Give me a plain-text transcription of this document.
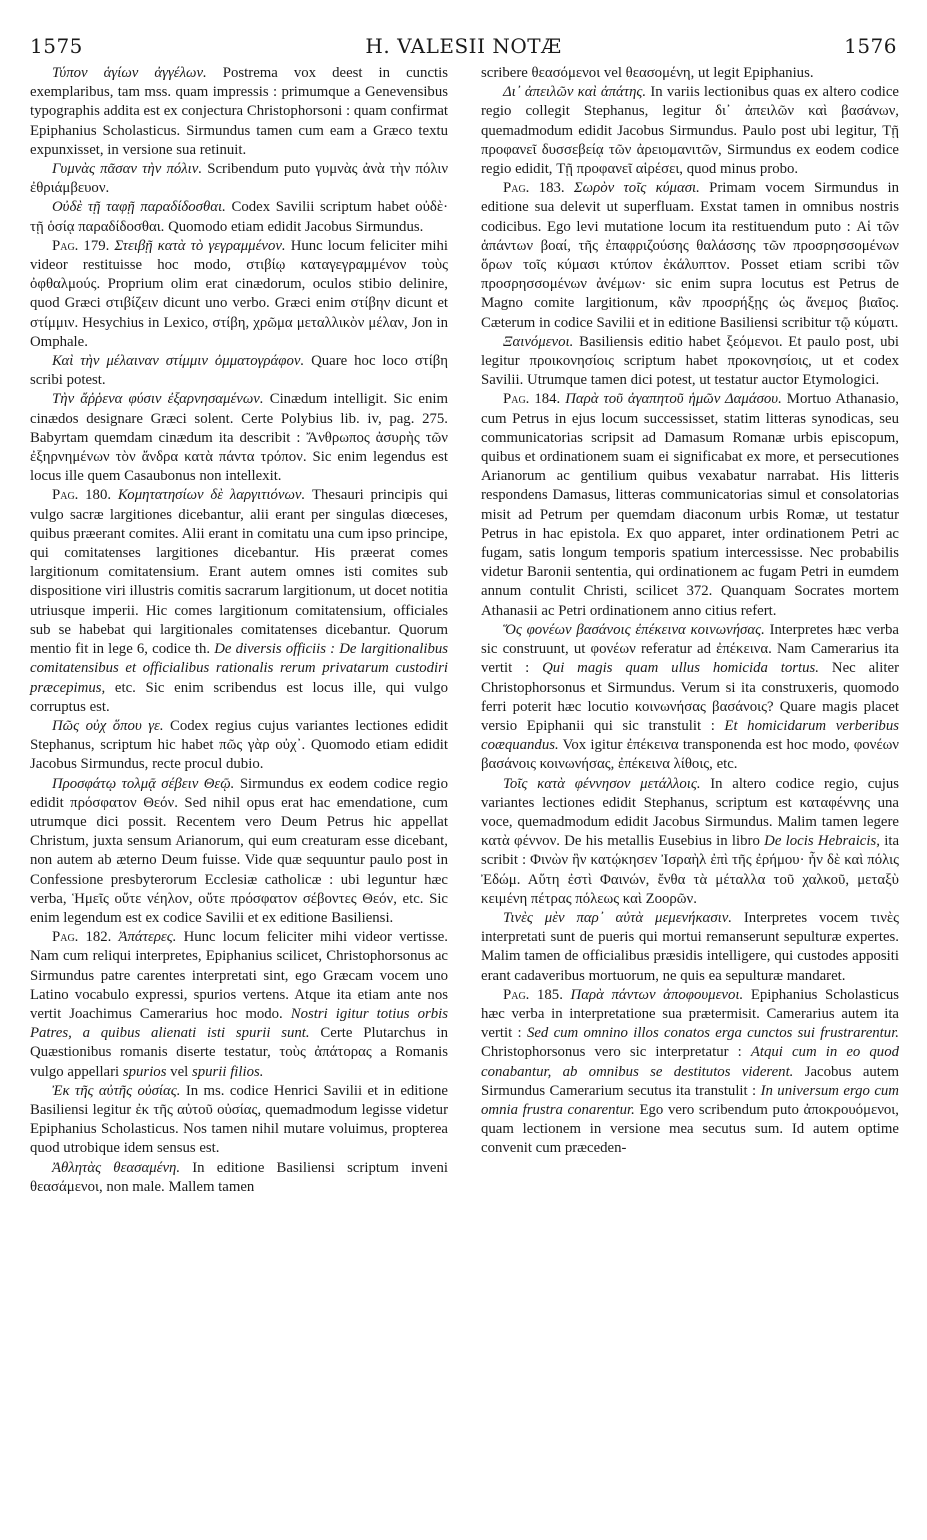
1575	H. VALESII NOTÆ	1576

Τύπον ἁγίων ἀγγέλων. Postrema vox deest in cunctis exemplaribus, tam mss. quam impressis : primumque a Genevensibus typographis addita est ex conjectura Christophorsoni : quam confirmat Epiphanius Scholasticus. Sirmundus tamen cum eam a Græco textu expunxisset, in versione sua retinuit.

Γυμνὰς πᾶσαν τὴν πόλιν. Scribendum puto γυμνὰς ἀνὰ τὴν πόλιν ἐθριάμβευον.

Οὐδὲ τῇ ταφῇ παραδίδοσθαι. Codex Savilii scriptum habet οὐδὲ· τῇ ὁσίᾳ παραδίδοσθαι. Quomodo etiam edidit Jacobus Sirmundus.

Pag. 179. Στειβῇ κατὰ τὸ γεγραμμένον. Hunc locum feliciter mihi videor restituisse hoc modo, στιβίῳ καταγεγραμμένον τοὺς ὀφθαλμούς. Proprium olim erat cinædorum, oculos stibio delinire, quod Græci στιβίζειν dicunt uno verbo. Græci enim στίβην dicunt et στίμμιν. Hesychius in Lexico, στίβη, χρῶμα μεταλλικὸν μέλαν, Jon in Omphale.

Καὶ τὴν μέλαιναν στίμμιν ὀμματογράφον. Quare hoc loco στίβη scribi potest.

Τὴν ἄῤῥενα φύσιν ἐξαρνησαμένων. Cinædum intelligit. Sic enim cinædos designare Græci solent. Certe Polybius lib. iv, pag. 275. Babyrtam quemdam cinædum ita describit : Ἄνθρωπος ἀσυρὴς τῶν ἐξηρνημένων τὸν ἄνδρα κατὰ πάντα τρόπον. Sic enim legendus est locus ille quem Casaubonus non intellexit.

Pag. 180. Κομητατησίων δὲ λαργιτιόνων. Thesauri principis qui vulgo sacræ largitiones dicebantur, alii erant per singulas diœceses, quibus præerant comites. Alii erant in comitatu una cum ipso principe, qui comitatenses largitiones dicebantur. His præerat comes largitionum comitatensium. Erant autem omnes isti comites sub dispositione viri illustris comitis sacrarum largitionum, ut docet notitia utriusque imperii. Hic comes largitionum comitatensium, officiales sub se habebat qui largitionales comitatenses dicebantur. Quorum mentio fit in lege 6, codice th. De diversis officiis : De largitionalibus comitatensibus et officialibus rationalis rerum privatarum custodiri præcepimus, etc. Sic enim scribendus est locus ille, qui vulgo corruptus est.

Πῶς οὐχ ὅπου γε. Codex regius cujus variantes lectiones edidit Stephanus, scriptum hic habet πῶς γὰρ οὐχ᾽. Quomodo etiam edidit Jacobus Sirmundus, recte procul dubio.

Προσφάτῳ τολμᾷ σέβειν Θεῷ. Sirmundus ex eodem codice regio edidit πρόσφατον Θεόν. Sed nihil opus erat hac emendatione, cum utrumque dici possit. Recentem vero Deum Petrus hic appellat Christum, juxta sensum Arianorum, qui eum creaturam esse dicebant, non autem ab æterno Deum fuisse. Vide quæ sequuntur paulo post in Confessione presbyterorum Ecclesiæ catholicæ : ubi leguntur hæc verba, Ἡμεῖς οὔτε νέηλον, οὔτε πρόσφατον σέβοντες Θεόν, etc. Sic enim legendum est ex codice Savilii et ex editione Basiliensi.

Pag. 182. Ἀπάτερες. Hunc locum feliciter mihi videor vertisse. Nam cum reliqui interpretes, Epiphanius scilicet, Christophorsonus ac Sirmundus patre carentes interpretati sint, ego Græcam vocem uno Latino vocabulo expressi, spurios vertens. Atque ita etiam ante nos vertit Joachimus Camerarius hoc modo. Nostri igitur totius orbis Patres, a quibus alienati isti spurii sunt. Certe Plutarchus in Quæstionibus romanis diserte testatur, τοὺς ἀπάτορας a Romanis vulgo appellari spurios vel spurii filios.

Ἐκ τῆς αὐτῆς οὐσίας. In ms. codice Henrici Savilii et in editione Basiliensi legitur ἐκ τῆς αὐτοῦ οὐσίας, quemadmodum legisse videtur Epiphanius Scholasticus. Nos tamen nihil mutare voluimus, propterea quod utrobique idem sensus est.

Ἀθλητὰς θεασαμένη. In editione Basiliensi scriptum inveni θεασάμενοι, non male. Mallem tamen

scribere θεασόμενοι vel θεασομένη, ut legit Epiphanius.

Δι᾽ ἀπειλῶν καὶ ἀπάτης. In variis lectionibus quas ex altero codice regio collegit Stephanus, legitur δι᾽ ἀπειλῶν καὶ βασάνων, quemadmodum edidit Jacobus Sirmundus. Paulo post ubi legitur, Τῇ προφανεῖ δυσσεβείᾳ τῶν ἀρειομανιτῶν, Sirmundus ex eodem codice regio edidit, Τῇ προφανεῖ αἱρέσει, quod minus probo.

Pag. 183. Σωρὸν τοῖς κύμασι. Primam vocem Sirmundus in editione sua delevit ut superfluam. Exstat tamen in omnibus nostris codicibus. Ego levi mutatione locum ita restituendum puto : Αἱ τῶν ἁπάντων βοαί, τῆς ἐπαφριζούσης θαλάσσης τῶν προσρησσομένων ὅρων τοῖς κύμασι κτύπον ἐκάλυπτον. Posset etiam scribi τῶν προσρησσομένων ἀνέμων· sic enim supra locutus est Petrus de Magno comite largitionum, κἂν προσρήξῃς ὡς ἄνεμος βιαῖος. Cæterum in codice Savilii et in editione Basiliensi scribitur τῷ κύματι.

Ξαινόμενοι. Basiliensis editio habet ξεόμενοι. Et paulo post, ubi legitur προικονησίοις scriptum habet προκονησίοις, ut et codex Savilii. Utrumque tamen dici potest, ut testatur auctor Etymologici.

Pag. 184. Παρὰ τοῦ ἀγαπητοῦ ἡμῶν Δαμάσου. Mortuo Athanasio, cum Petrus in ejus locum successisset, statim litteras synodicas, seu communicatorias scripsit ad Damasum Romanæ urbis episcopum, quibus et ordinationem suam ei significabat ex more, et persecutiones Arianorum ac gentilium quibus vexabatur narrabat. His litteris respondens Damasus, litteras communicatorias simul et consolatorias misit ad Petrum per quemdam diaconum urbis Romæ, ut testatur Petrus in hac epistola. Ex quo apparet, inter ordinationem Petri ac fugam, satis longum temporis spatium intercessisse. Nec probabilis videtur Baronii sententia, qui ordinationem ac fugam Petri in eumdem annum contulit Christi, scilicet 372. Quanquam Socrates mortem Athanasii ac Petri ordinationem anno citius refert.

Ὅς φονέων βασάνοις ἐπέκεινα κοινωνήσας. Interpretes hæc verba sic construunt, ut φονέων referatur ad ἐπέκεινα. Nam Camerarius ita vertit : Qui magis quam ullus homicida tortus. Nec aliter Christophorsonus et Sirmundus. Verum si ita construxeris, quomodo ferri poterit hæc locutio κοινωνήσας βασάνοις? Quare magis placet versio Epiphanii qui sic transtulit : Et homicidarum verberibus coæquandus. Vox igitur ἐπέκεινα transponenda est hoc modo, φονέων βασάνοις κοινωνήσας, ἐπέκεινα λίθοις, etc.

Τοῖς κατὰ φέννησον μετάλλοις. In altero codice regio, cujus variantes lectiones edidit Stephanus, scriptum est καταφέννης una voce, quemadmodum edidit Jacobus Sirmundus. Malim tamen legere κατὰ φέννον. De his metallis Eusebius in libro De locis Hebraicis, ita scribit : Φινὼν ἣν κατῴκησεν Ἰσραὴλ ἐπὶ τῆς ἐρήμου· ἦν δὲ καὶ πόλις Ἐδώμ. Αὕτη ἐστὶ Φαινών, ἔνθα τὰ μέταλλα τοῦ χαλκοῦ, μεταξὺ κειμένη πέτρας πόλεως καὶ Ζοορῶν.

Τινὲς μὲν παρ᾽ αὐτὰ μεμενήκασιν. Interpretes vocem τινὲς interpretati sunt de pueris qui mortui remanserunt sepulturæ expertes. Malim tamen de officialibus præsidis intelligere, qui custodes appositi erant cadaveribus mortuorum, ne quis ea sepulturæ mandaret.

Pag. 185. Παρὰ πάντων ἀποφουμενοι. Epiphanius Scholasticus hæc verba in interpretatione sua prætermisit. Camerarius autem ita vertit : Sed cum omnino illos conatos erga cunctos sui frustrarentur. Christophorsonus vero sic interpretatur : Atqui cum in eo quod conabantur, ab omnibus se destitutos viderent. Jacobus autem Sirmundus Camerarium secutus ita transtulit : In universum ergo cum omnia frustra conarentur. Ego vero scribendum puto ἀποκρουόμενοι, quam lectionem in versione mea secutus sum. Id autem optime convenit cum præceden-
